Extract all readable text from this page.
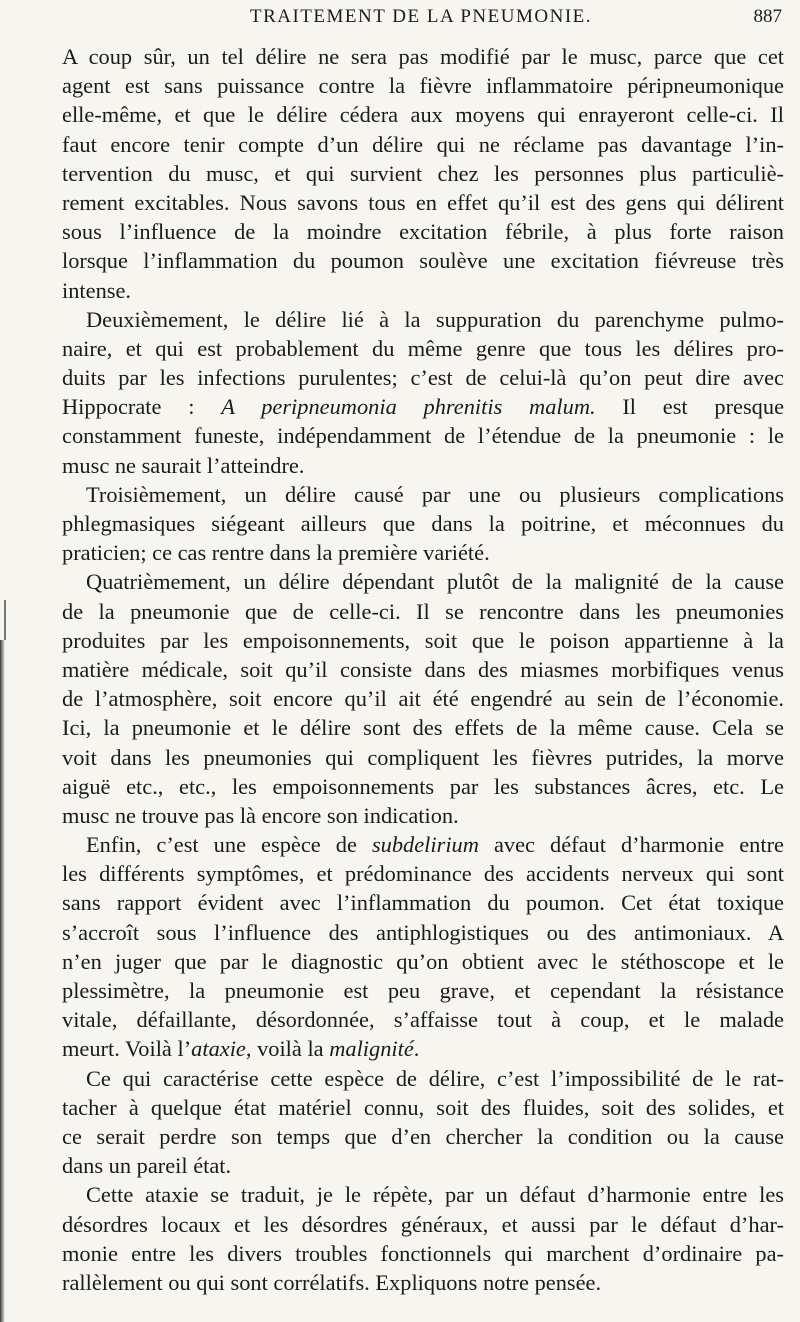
TRAITEMENT DE LA PNEUMONIE.	887
A coup sûr, un tel délire ne sera pas modifié par le musc, parce que cet
agent est sans puissance contre la fièvre inflammatoire péripneumonique
elle-même, et que le délire cédera aux moyens qui enrayeront celle-ci. Il
faut encore tenir compte d’un délire qui ne réclame pas davantage l’in-
tervention du musc, et qui survient chez les personnes plus particuliè-
rement excitables. Nous savons tous en effet qu’il est des gens qui délirent
sous l’influence de la moindre excitation fébrile, à plus forte raison
lorsque l’inflammation du poumon soulève une excitation fiévreuse très
intense.
Deuxièmement, le délire lié à la suppuration du parenchyme pulmo-
naire, et qui est probablement du même genre que tous les délires pro-
duits par les infections purulentes; c’est de celui-là qu’on peut dire avec
Hippocrate : A peripneumonia phrenitis malum. Il est presque
constamment funeste, indépendamment de l’étendue de la pneumonie : le
musc ne saurait l’atteindre.
Troisièmement, un délire causé par une ou plusieurs complications
phlegmasiques siégeant ailleurs que dans la poitrine, et méconnues du
praticien; ce cas rentre dans la première variété.
Quatrièmement, un délire dépendant plutôt de la malignité de la cause
de la pneumonie que de celle-ci. Il se rencontre dans les pneumonies
produites par les empoisonnements, soit que le poison appartienne à la
matière médicale, soit qu’il consiste dans des miasmes morbifiques venus
de l’atmosphère, soit encore qu’il ait été engendré au sein de l’économie.
Ici, la pneumonie et le délire sont des effets de la même cause. Cela se
voit dans les pneumonies qui compliquent les fièvres putrides, la morve
aiguë etc., etc., les empoisonnements par les substances âcres, etc. Le
musc ne trouve pas là encore son indication.
Enfin, c’est une espèce de subdelirium avec défaut d’harmonie entre
les différents symptômes, et prédominance des accidents nerveux qui sont
sans rapport évident avec l’inflammation du poumon. Cet état toxique
s’accroît sous l’influence des antiphlogistiques ou des antimoniaux. A
n’en juger que par le diagnostic qu’on obtient avec le stéthoscope et le
plessimètre, la pneumonie est peu grave, et cependant la résistance
vitale, défaillante, désordonnée, s’affaisse tout à coup, et le malade
meurt. Voilà l’ataxie, voilà la malignité.
Ce qui caractérise cette espèce de délire, c’est l’impossibilité de le rat-
tacher à quelque état matériel connu, soit des fluides, soit des solides, et
ce serait perdre son temps que d’en chercher la condition ou la cause
dans un pareil état.
Cette ataxie se traduit, je le répète, par un défaut d’harmonie entre les
désordres locaux et les désordres généraux, et aussi par le défaut d’har-
monie entre les divers troubles fonctionnels qui marchent d’ordinaire pa-
rallèlement ou qui sont corrélatifs. Expliquons notre pensée.
